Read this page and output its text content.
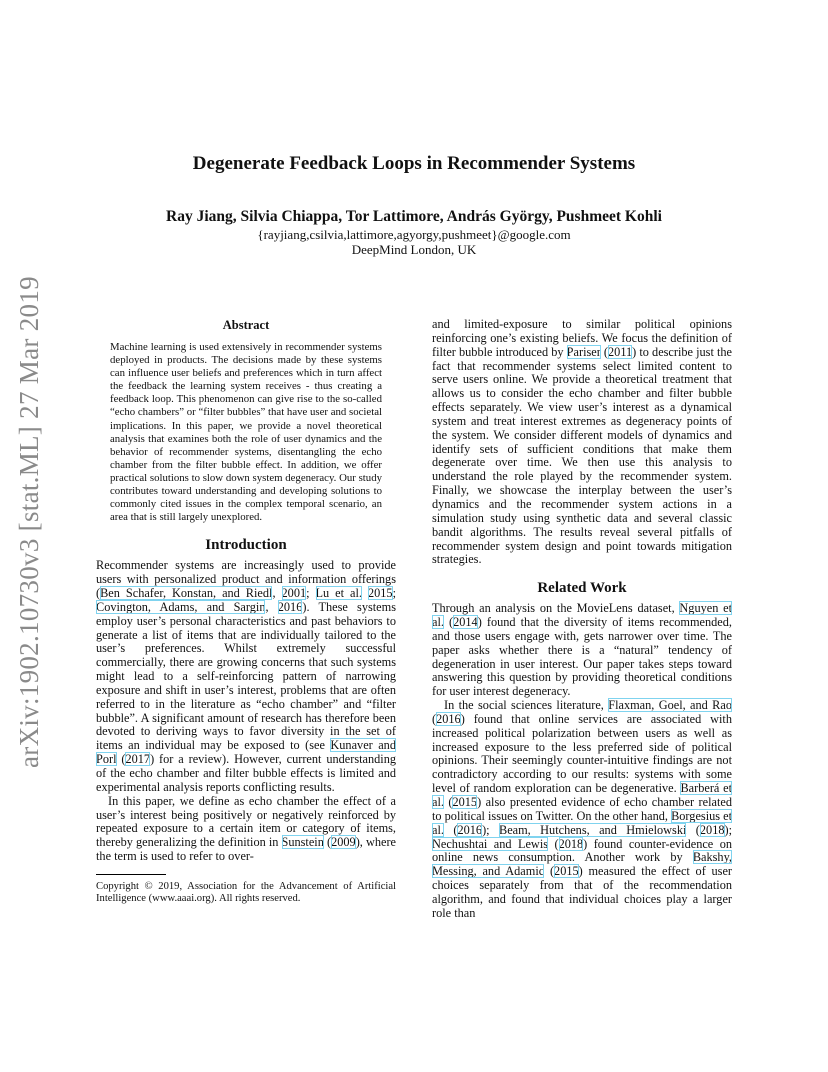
arXiv:1902.10730v3 [stat.ML] 27 Mar 2019
Degenerate Feedback Loops in Recommender Systems
Ray Jiang, Silvia Chiappa, Tor Lattimore, András György, Pushmeet Kohli
{rayjiang,csilvia,lattimore,agyorgy,pushmeet}@google.com
DeepMind London, UK
Abstract
Machine learning is used extensively in recommender systems deployed in products. The decisions made by these systems can influence user beliefs and preferences which in turn affect the feedback the learning system receives - thus creating a feedback loop. This phenomenon can give rise to the so-called “echo chambers” or “filter bubbles” that have user and societal implications. In this paper, we provide a novel theoretical analysis that examines both the role of user dynamics and the behavior of recommender systems, disentangling the echo chamber from the filter bubble effect. In addition, we offer practical solutions to slow down system degeneracy. Our study contributes toward understanding and developing solutions to commonly cited issues in the complex temporal scenario, an area that is still largely unexplored.
Introduction

Recommender systems are increasingly used to provide users with personalized product and information offerings (Ben Schafer, Konstan, and Riedl, 2001; Lu et al. 2015; Covington, Adams, and Sargin, 2016). These systems employ user’s personal characteristics and past behaviors to generate a list of items that are individually tailored to the user’s preferences. Whilst extremely successful commercially, there are growing concerns that such systems might lead to a self-reinforcing pattern of narrowing exposure and shift in user’s interest, problems that are often referred to in the literature as “echo chamber” and “filter bubble”. A significant amount of research has therefore been devoted to deriving ways to favor diversity in the set of items an individual may be exposed to (see Kunaver and Porl (2017) for a review). However, current understanding of the echo chamber and filter bubble effects is limited and experimental analysis reports conflicting results.

In this paper, we define as echo chamber the effect of a user’s interest being positively or negatively reinforced by repeated exposure to a certain item or category of items, thereby generalizing the definition in Sunstein (2009), where the term is used to refer to over-

Copyright © 2019, Association for the Advancement of Artificial Intelligence (www.aaai.org). All rights reserved.

and limited-exposure to similar political opinions reinforcing one’s existing beliefs. We focus the definition of filter bubble introduced by Pariser (2011) to describe just the fact that recommender systems select limited content to serve users online. We provide a theoretical treatment that allows us to consider the echo chamber and filter bubble effects separately. We view user’s interest as a dynamical system and treat interest extremes as degeneracy points of the system. We consider different models of dynamics and identify sets of sufficient conditions that make them degenerate over time. We then use this analysis to understand the role played by the recommender system. Finally, we showcase the interplay between the user’s dynamics and the recommender system actions in a simulation study using synthetic data and several classic bandit algorithms. The results reveal several pitfalls of recommender system design and point towards mitigation strategies.

Related Work

Through an analysis on the MovieLens dataset, Nguyen et al. (2014) found that the diversity of items recommended, and those users engage with, gets narrower over time. The paper asks whether there is a “natural” tendency of degeneration in user interest. Our paper takes steps toward answering this question by providing theoretical conditions for user interest degeneracy.

In the social sciences literature, Flaxman, Goel, and Rao (2016) found that online services are associated with increased political polarization between users as well as increased exposure to the less preferred side of political opinions. Their seemingly counter-intuitive findings are not contradictory according to our results: systems with some level of random exploration can be degenerative. Barberá et al. (2015) also presented evidence of echo chamber related to political issues on Twitter. On the other hand, Borgesius et al. (2016); Beam, Hutchens, and Hmielowski (2018); Nechushtai and Lewis (2018) found counter-evidence on online news consumption. Another work by Bakshy, Messing, and Adamic (2015) measured the effect of user choices separately from that of the recommendation algorithm, and found that individual choices play a larger role than
